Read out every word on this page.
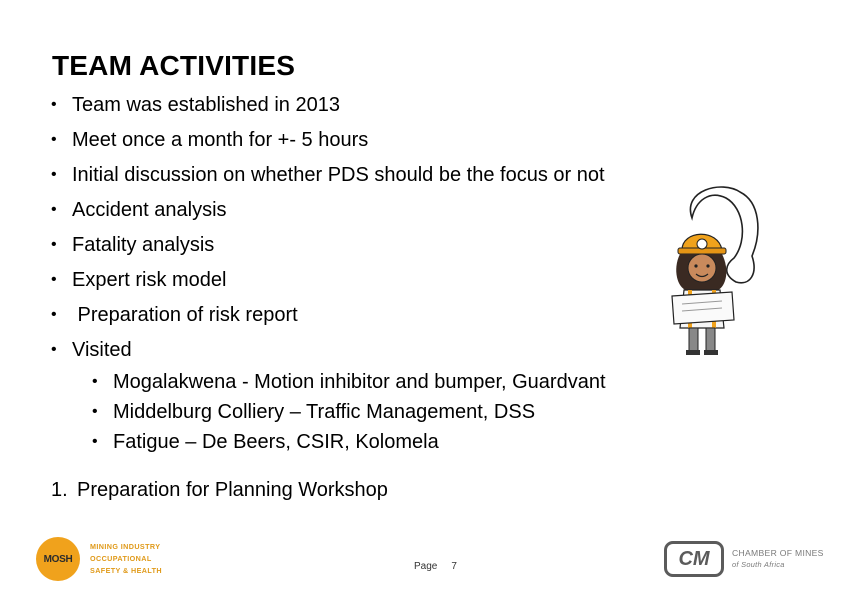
TEAM ACTIVITIES
• Team was established in 2013
• Meet once a month for +- 5 hours
• Initial discussion on whether PDS should be the focus or not
• Accident analysis
• Fatality analysis
• Expert risk model
• Preparation of risk report
• Visited
• Mogalakwena - Motion inhibitor and bumper, Guardvant
• Middelburg Colliery – Traffic Management, DSS
• Fatigue – De Beers, CSIR, Kolomela
1. Preparation for Planning Workshop
MOSH
MINING INDUSTRY
OCCUPATIONAL
SAFETY & HEALTH	Page 7	CM	CHAMBER OF MINES
of South Africa
